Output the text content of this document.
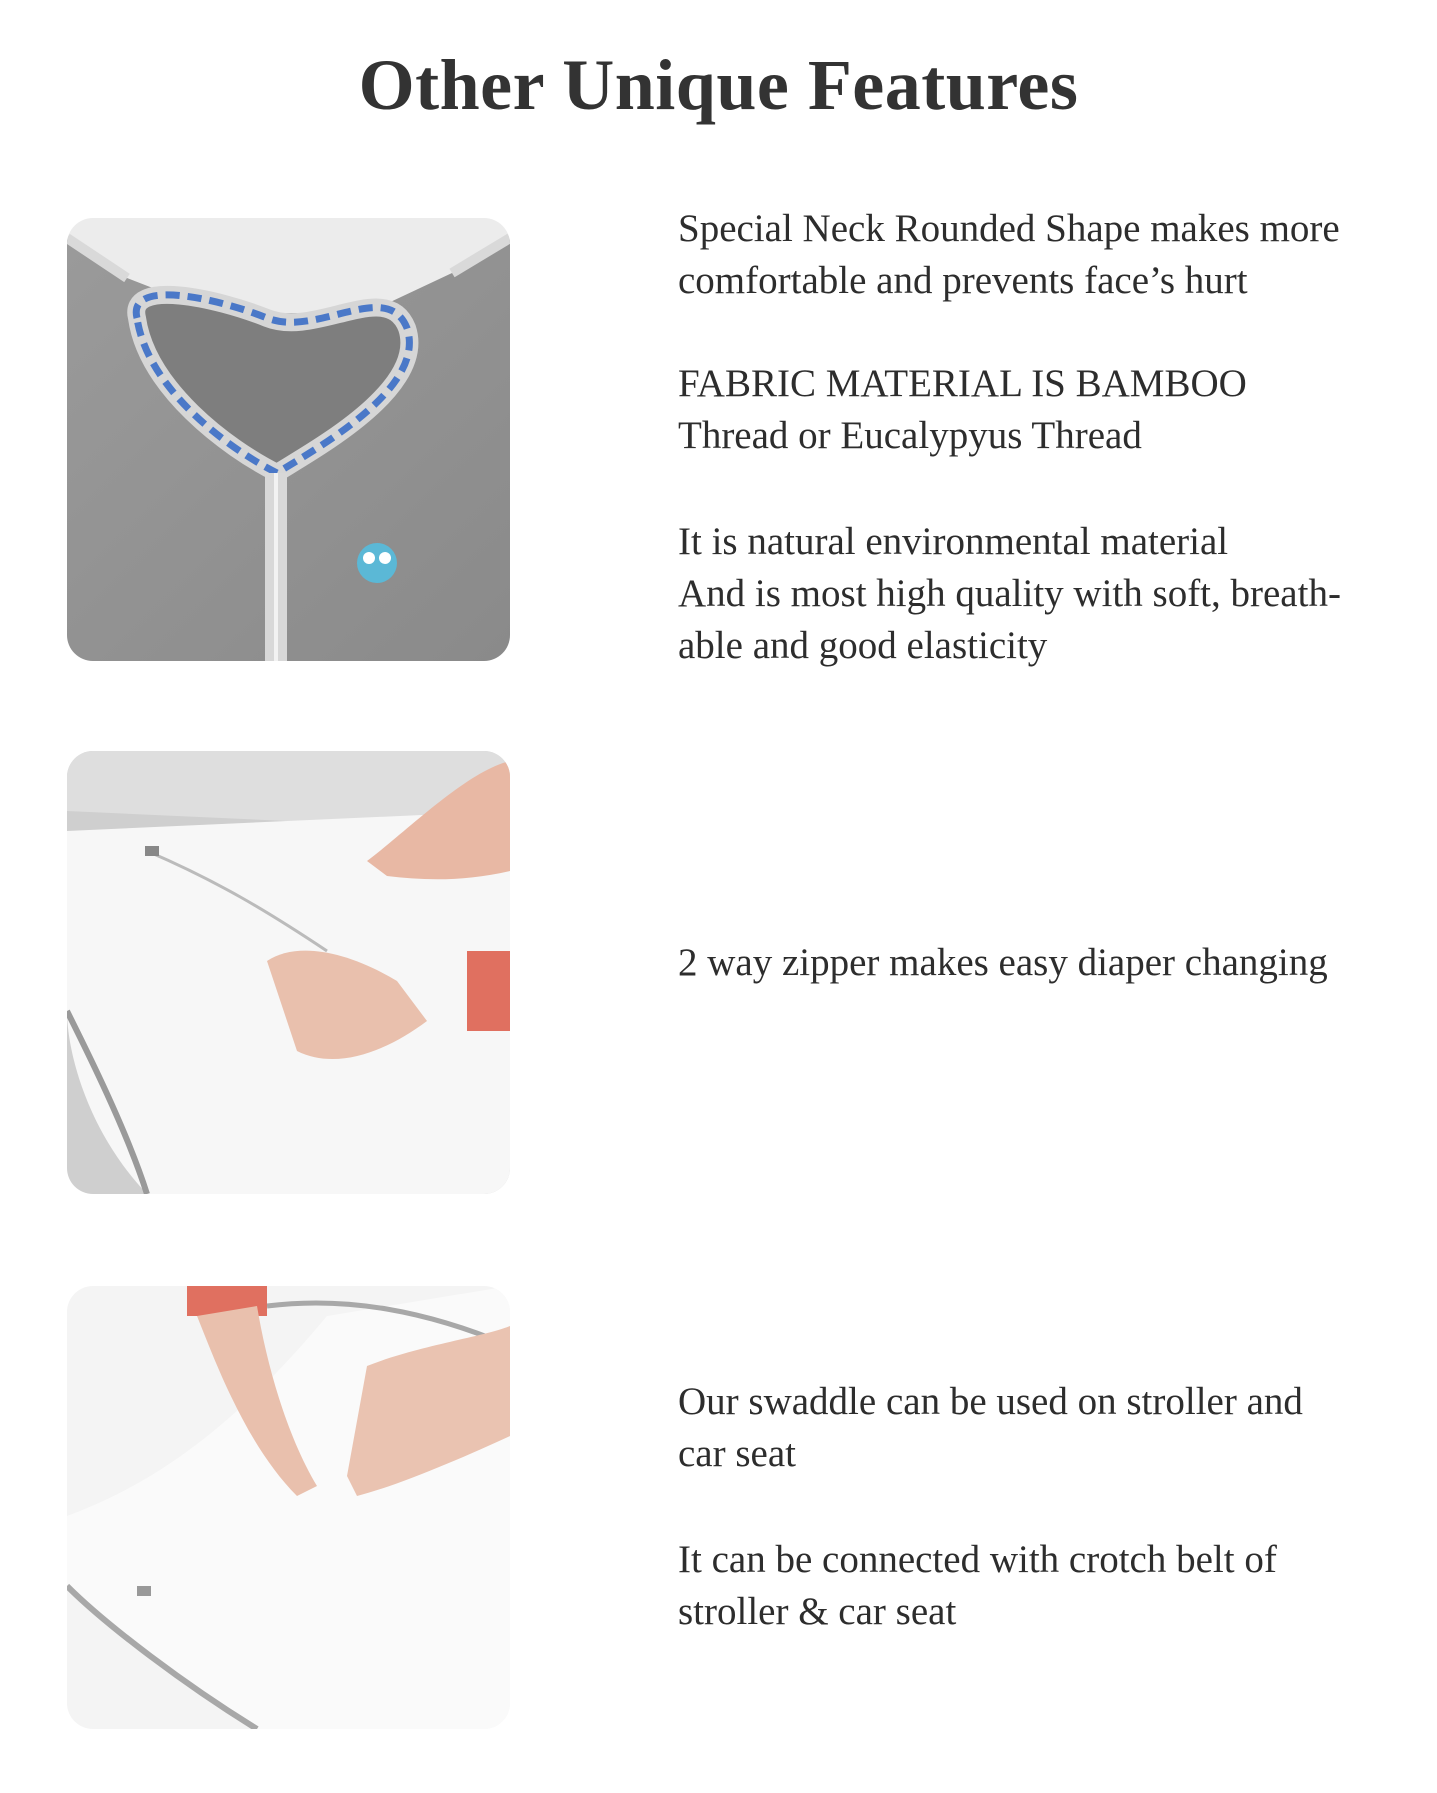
Other Unique Features
Special Neck Rounded Shape makes more
comfortable and prevents face’s hurt
FABRIC MATERIAL IS BAMBOO
Thread or Eucalypyus Thread
It is natural environmental material
And is most high quality with soft, breath-
able and good elasticity
2 way zipper makes easy diaper changing
Our swaddle can be used on stroller and
car seat
It can be connected with crotch belt of
stroller & car seat
